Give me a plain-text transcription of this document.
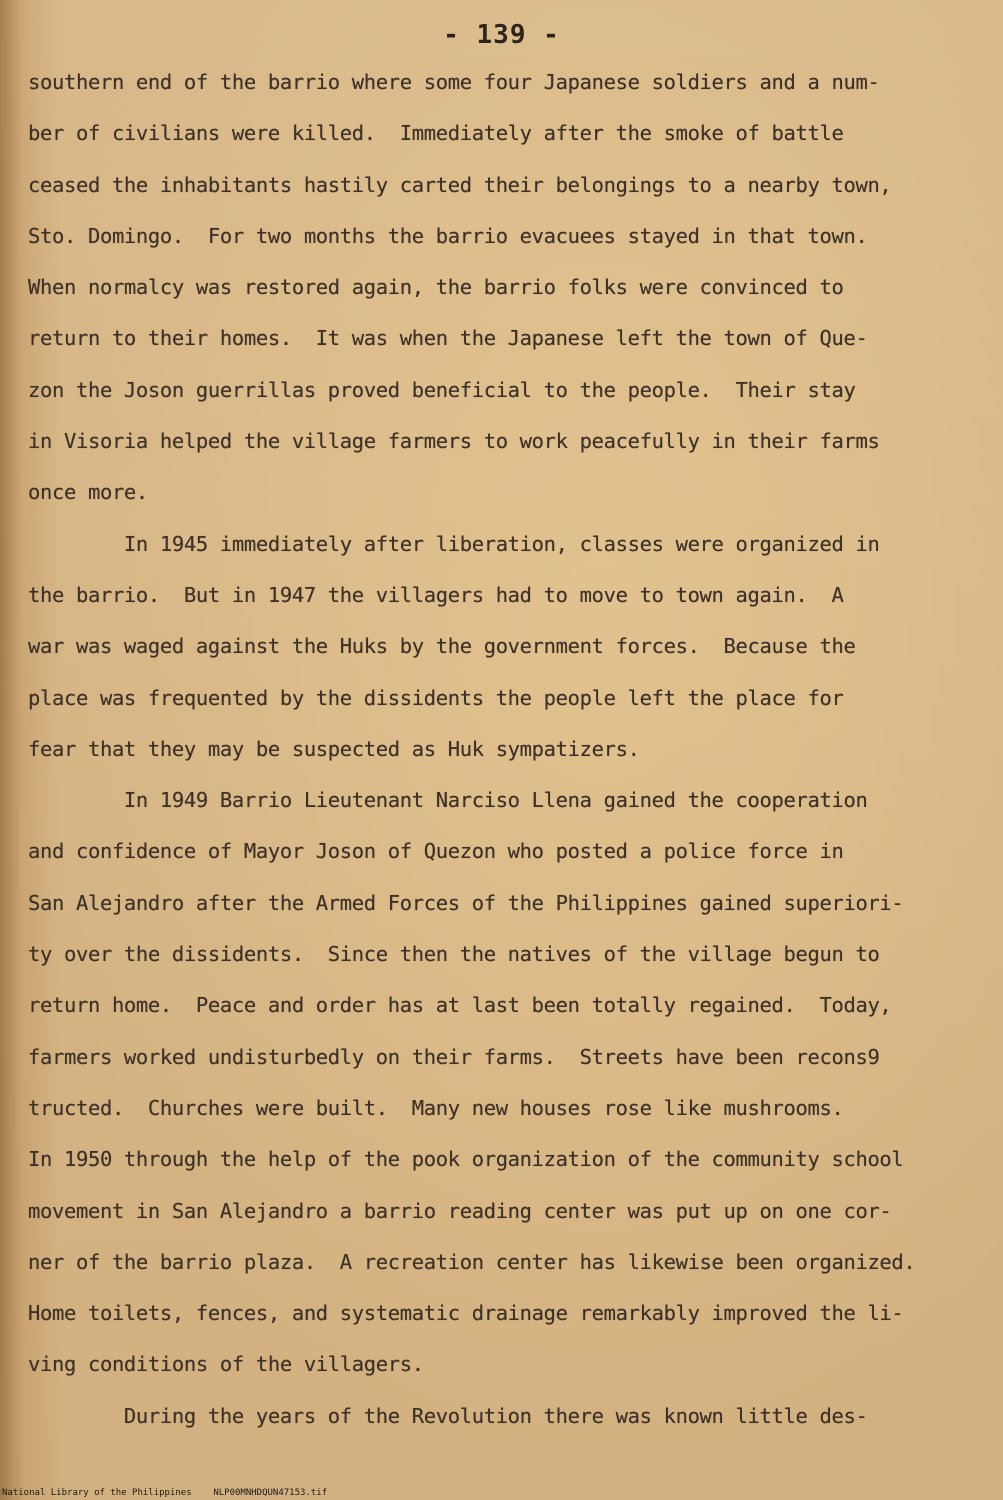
- 139 -
southern end of the barrio where some four Japanese soldiers and a num-
ber of civilians were killed.  Immediately after the smoke of battle
ceased the inhabitants hastily carted their belongings to a nearby town,
Sto. Domingo.  For two months the barrio evacuees stayed in that town.
When normalcy was restored again, the barrio folks were convinced to
return to their homes.  It was when the Japanese left the town of Que-
zon the Joson guerrillas proved beneficial to the people.  Their stay
in Visoria helped the village farmers to work peacefully in their farms
once more.
In 1945 immediately after liberation, classes were organized in
the barrio.  But in 1947 the villagers had to move to town again.  A
war was waged against the Huks by the government forces.  Because the
place was frequented by the dissidents the people left the place for
fear that they may be suspected as Huk sympatizers.
In 1949 Barrio Lieutenant Narciso Llena gained the cooperation
and confidence of Mayor Joson of Quezon who posted a police force in
San Alejandro after the Armed Forces of the Philippines gained superiori-
ty over the dissidents.  Since then the natives of the village begun to
return home.  Peace and order has at last been totally regained.  Today,
farmers worked undisturbedly on their farms.  Streets have been recons9
tructed.  Churches were built.  Many new houses rose like mushrooms.
In 1950 through the help of the pook organization of the community school
movement in San Alejandro a barrio reading center was put up on one cor-
ner of the barrio plaza.  A recreation center has likewise been organized.
Home toilets, fences, and systematic drainage remarkably improved the li-
ving conditions of the villagers.
During the years of the Revolution there was known little des-
National Library of the Philippines    NLP00MNHDQUN47153.tif
